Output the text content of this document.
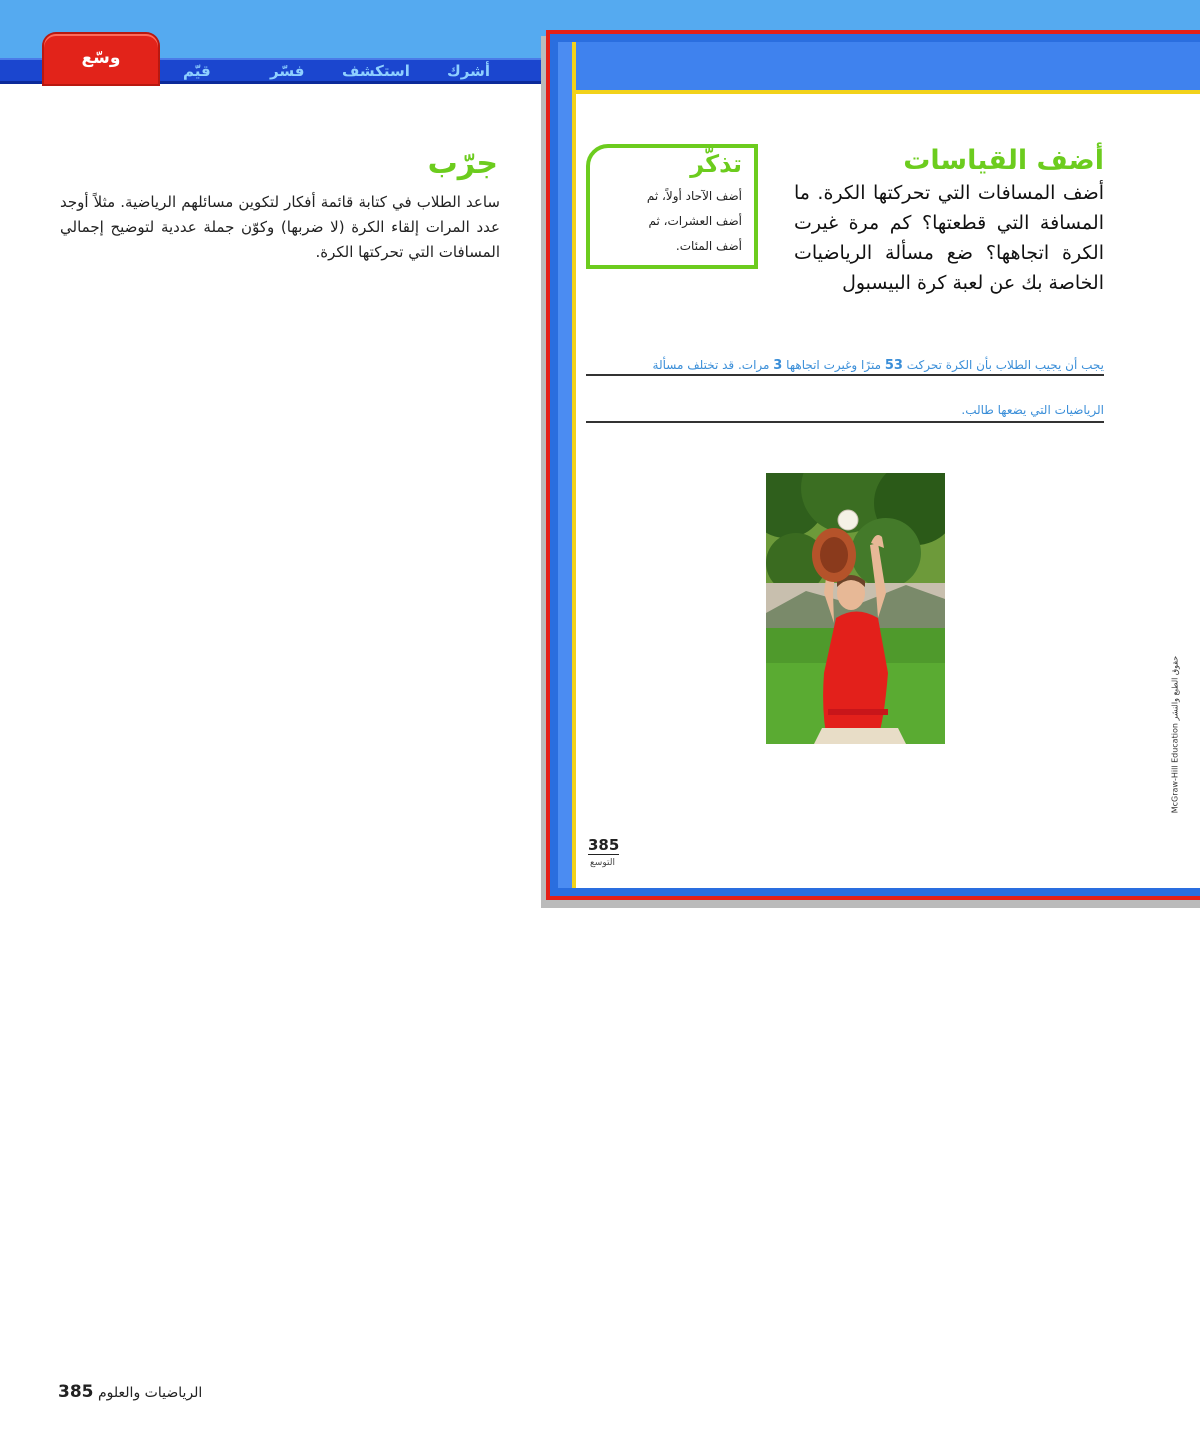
وسّع
قيّم	فسّر	استكشف أشرك
جرّب
ساعد الطلاب في كتابة قائمة أفكار لتكوين مسائلهم الرياضية. مثلاً أوجد عدد المرات إلقاء الكرة (لا ضربها) وكوّن جملة عددية لتوضيح إجمالي المسافات التي تحركتها الكرة.
أضف القياسات
أضف المسافات التي تحركتها الكرة. ما المسافة التي قطعتها؟ كم مرة غيرت الكرة اتجاهها؟ ضع مسألة الرياضيات الخاصة بك عن لعبة كرة البيسبول
تذكّر
أضف الآحاد أولاً، ثم
أضف العشرات، ثم
أضف المئات.
يجب أن يجيب الطلاب بأن الكرة تحركت 53 مترًا وغيرت اتجاهها 3 مرات. قد تختلف مسألة
الرياضيات التي يضعها طالب.
385
التوسع
McGraw-Hill Education حقوق الطبع والنشر
385 الرياضيات والعلوم
